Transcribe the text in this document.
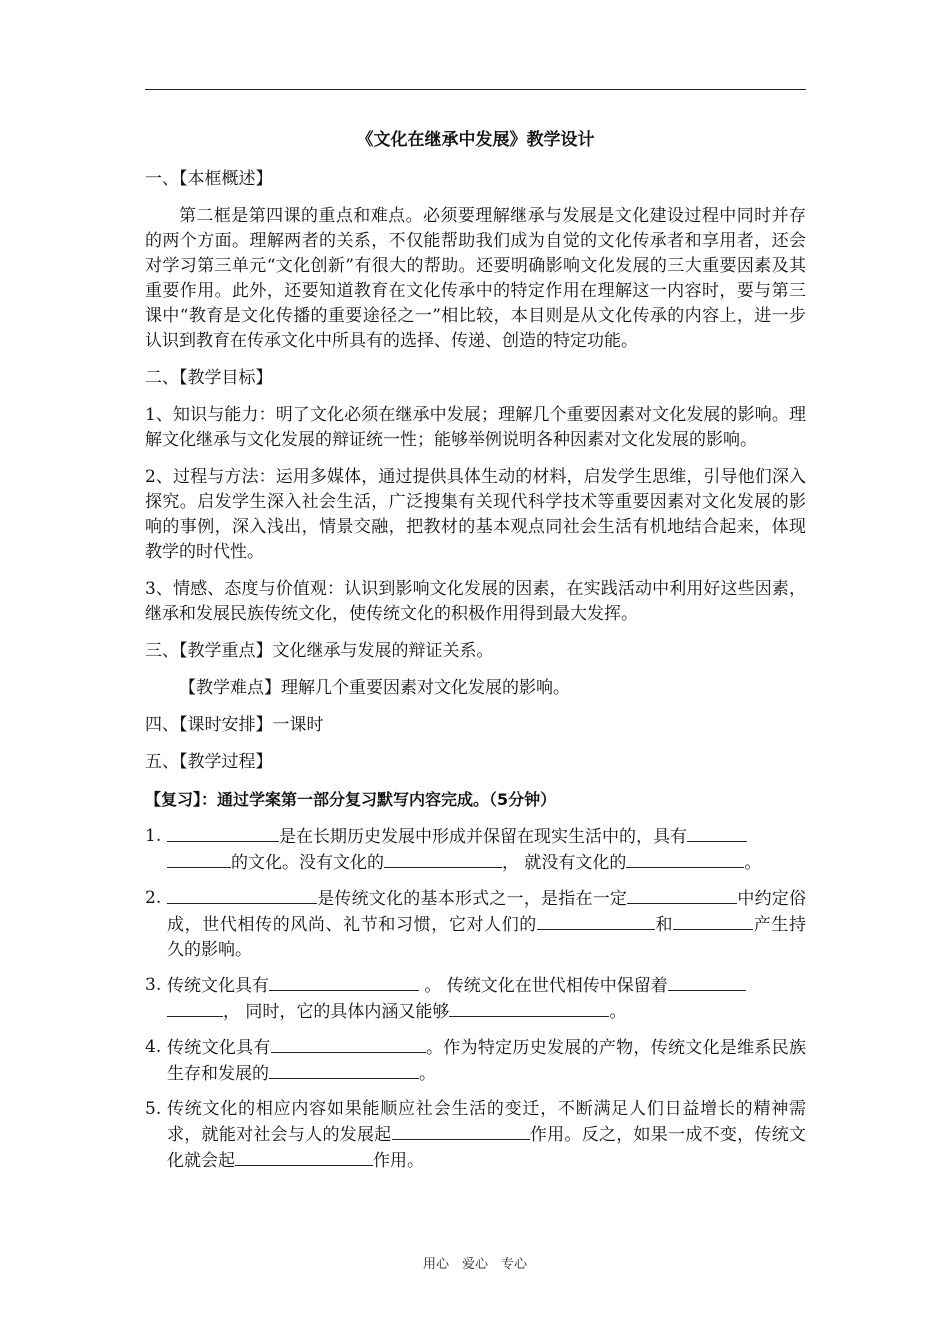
《文化在继承中发展》教学设计

一、【本框概述】

第二框是第四课的重点和难点。必须要理解继承与发展是文化建设过程中同时并存的两个方面。理解两者的关系，不仅能帮助我们成为自觉的文化传承者和享用者，还会对学习第三单元“文化创新”有很大的帮助。还要明确影响文化发展的三大重要因素及其重要作用。此外，还要知道教育在文化传承中的特定作用在理解这一内容时，要与第三课中“教育是文化传播的重要途径之一”相比较，本目则是从文化传承的内容上，进一步认识到教育在传承文化中所具有的选择、传递、创造的特定功能。

二、【教学目标】

1、知识与能力：明了文化必须在继承中发展；理解几个重要因素对文化发展的影响。理解文化继承与文化发展的辩证统一性；能够举例说明各种因素对文化发展的影响。

2、过程与方法：运用多媒体，通过提供具体生动的材料，启发学生思维，引导他们深入探究。启发学生深入社会生活，广泛搜集有关现代科学技术等重要因素对文化发展的影响的事例，深入浅出，情景交融，把教材的基本观点同社会生活有机地结合起来，体现教学的时代性。

3、情感、态度与价值观：认识到影响文化发展的因素，在实践活动中利用好这些因素，继承和发展民族传统文化，使传统文化的积极作用得到最大发挥。

三、【教学重点】文化继承与发展的辩证关系。

【教学难点】理解几个重要因素对文化发展的影响。

四、【课时安排】一课时

五、【教学过程】

【复习】：通过学案第一部分复习默写内容完成。（5分钟）

1.	是在长期历史发展中形成并保留在现实生活中的，具有
的文化。没有文化的	， 就没有文化的	。
2.	是传统文化的基本形式之一，是指在一定	中约定俗成，世代相传的风尚、礼节和习惯，它对人们的	和	产生持久的影响。
3. 传统文化具有	。 传统文化在世代相传中保留着
， 同时，它的具体内涵又能够	。
4. 传统文化具有	。作为特定历史发展的产物，传统文化是维系民族生存和发展的	。
5. 传统文化的相应内容如果能顺应社会生活的变迁，不断满足人们日益增长的精神需求，就能对社会与人的发展起	作用。反之，如果一成不变，传统文化就会起	作用。
用心　爱心　专心
